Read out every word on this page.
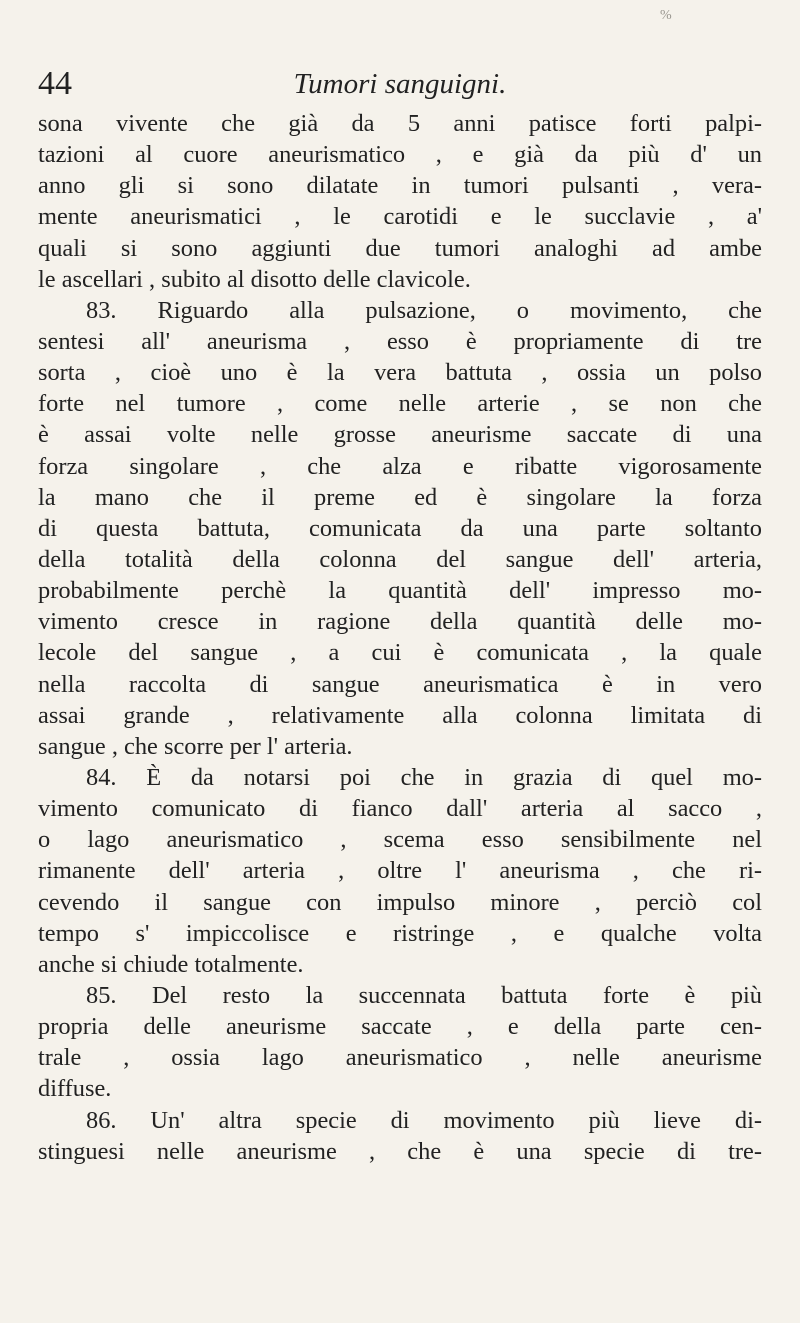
%
44	Tumori sanguigni.
sona vivente che già da 5 anni patisce forti palpi-
tazioni al cuore aneurismatico , e già da più d' un
anno gli si sono dilatate in tumori pulsanti , vera-
mente aneurismatici , le carotidi e le succlavie , a'
quali si sono aggiunti due tumori analoghi ad ambe
le ascellari , subito al disotto delle clavicole.
83. Riguardo alla pulsazione, o movimento, che
sentesi all' aneurisma , esso è propriamente di tre
sorta , cioè uno è la vera battuta , ossia un polso
forte nel tumore , come nelle arterie , se non che
è assai volte nelle grosse aneurisme saccate di una
forza singolare , che alza e ribatte vigorosamente
la mano che il preme ed è singolare la forza
di questa battuta, comunicata da una parte soltanto
della totalità della colonna del sangue dell' arteria,
probabilmente perchè la quantità dell' impresso mo-
vimento cresce in ragione della quantità delle mo-
lecole del sangue , a cui è comunicata , la quale
nella raccolta di sangue aneurismatica è in vero
assai grande , relativamente alla colonna limitata di
sangue , che scorre per l' arteria.
84. È da notarsi poi che in grazia di quel mo-
vimento comunicato di fianco dall' arteria al sacco ,
o lago aneurismatico , scema esso sensibilmente nel
rimanente dell' arteria , oltre l' aneurisma , che ri-
cevendo il sangue con impulso minore , perciò col
tempo s' impiccolisce e ristringe , e qualche volta
anche si chiude totalmente.
85. Del resto la succennata battuta forte è più
propria delle aneurisme saccate , e della parte cen-
trale , ossia lago aneurismatico , nelle aneurisme
diffuse.
86. Un' altra specie di movimento più lieve di-
stinguesi nelle aneurisme , che è una specie di tre-
